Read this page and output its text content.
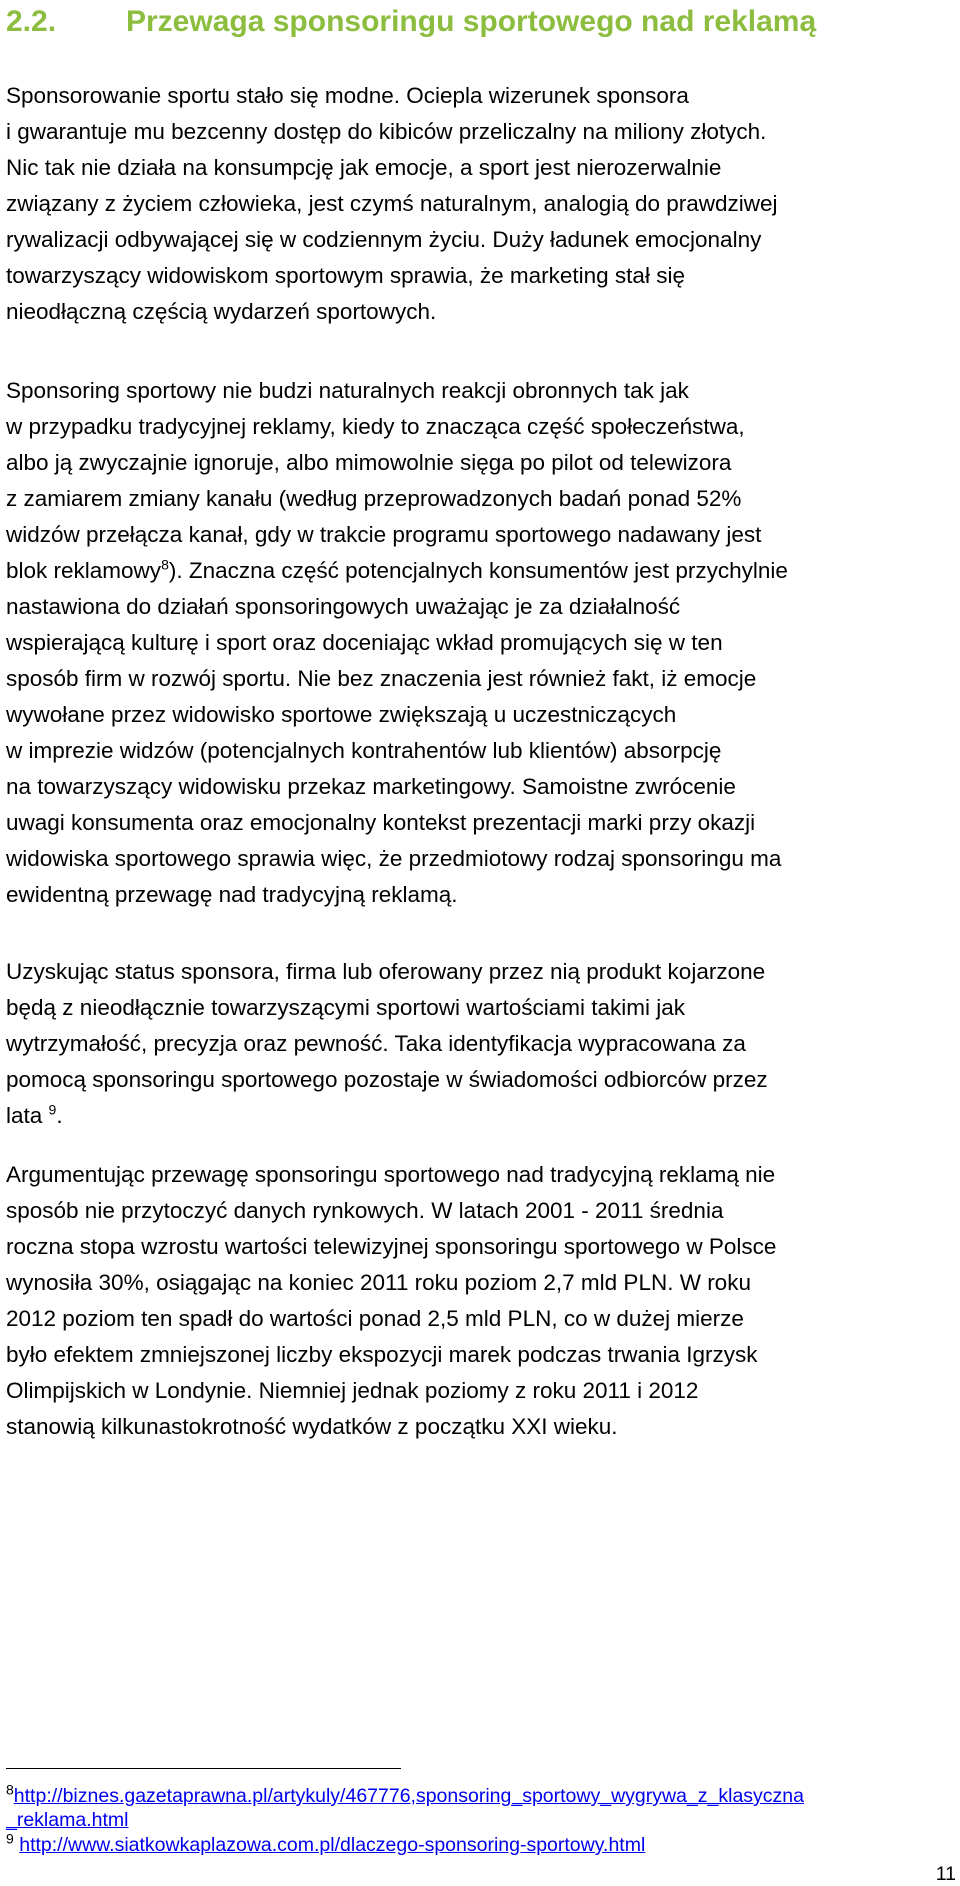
2.2. Przewaga sponsoringu sportowego nad reklamą
Sponsorowanie sportu stało się modne. Ociepla wizerunek sponsora
i gwarantuje mu bezcenny dostęp do kibiców przeliczalny na miliony złotych.
Nic tak nie działa na konsumpcję jak emocje, a sport jest nierozerwalnie
związany z życiem człowieka, jest czymś naturalnym, analogią do prawdziwej
rywalizacji odbywającej się w codziennym życiu. Duży ładunek emocjonalny
towarzyszący widowiskom sportowym sprawia, że marketing stał się
nieodłączną częścią wydarzeń sportowych.
Sponsoring sportowy nie budzi naturalnych reakcji obronnych tak jak
w przypadku tradycyjnej reklamy, kiedy to znacząca część społeczeństwa,
albo ją zwyczajnie ignoruje, albo mimowolnie sięga po pilot od telewizora
z zamiarem zmiany kanału (według przeprowadzonych badań ponad 52%
widzów przełącza kanał, gdy w trakcie programu sportowego nadawany jest
blok reklamowy$^8$). Znaczna część potencjalnych konsumentów jest przychylnie
nastawiona do działań sponsoringowych uważając je za działalność
wspierającą kulturę i sport oraz doceniając wkład promujących się w ten
sposób firm w rozwój sportu. Nie bez znaczenia jest również fakt, iż emocje
wywołane przez widowisko sportowe zwiększają u uczestniczących
w imprezie widzów (potencjalnych kontrahentów lub klientów) absorpcję
na towarzyszący widowisku przekaz marketingowy. Samoistne zwrócenie
uwagi konsumenta oraz emocjonalny kontekst prezentacji marki przy okazji
widowiska sportowego sprawia więc, że przedmiotowy rodzaj sponsoringu ma
ewidentną przewagę nad tradycyjną reklamą.
Uzyskując status sponsora, firma lub oferowany przez nią produkt kojarzone
będą z nieodłącznie towarzyszącymi sportowi wartościami takimi jak
wytrzymałość, precyzja oraz pewność. Taka identyfikacja wypracowana za
pomocą sponsoringu sportowego pozostaje w świadomości odbiorców przez
lata $^9$.
Argumentując przewagę sponsoringu sportowego nad tradycyjną reklamą nie
sposób nie przytoczyć danych rynkowych. W latach 2001 - 2011 średnia
roczna stopa wzrostu wartości telewizyjnej sponsoringu sportowego w Polsce
wynosiła 30%, osiągając na koniec 2011 roku poziom 2,7 mld PLN. W roku
2012 poziom ten spadł do wartości ponad 2,5 mld PLN, co w dużej mierze
było efektem zmniejszonej liczby ekspozycji marek podczas trwania Igrzysk
Olimpijskich w Londynie. Niemniej jednak poziomy z roku 2011 i 2012
stanowią kilkunastokrotność wydatków z początku XXI wieku.
$^8$http://biznes.gazetaprawna.pl/artykuly/467776,sponsoring_sportowy_wygrywa_z_klasyczna
_reklama.html
$^9$ http://www.siatkowkaplazowa.com.pl/dlaczego-sponsoring-sportowy.html
11
